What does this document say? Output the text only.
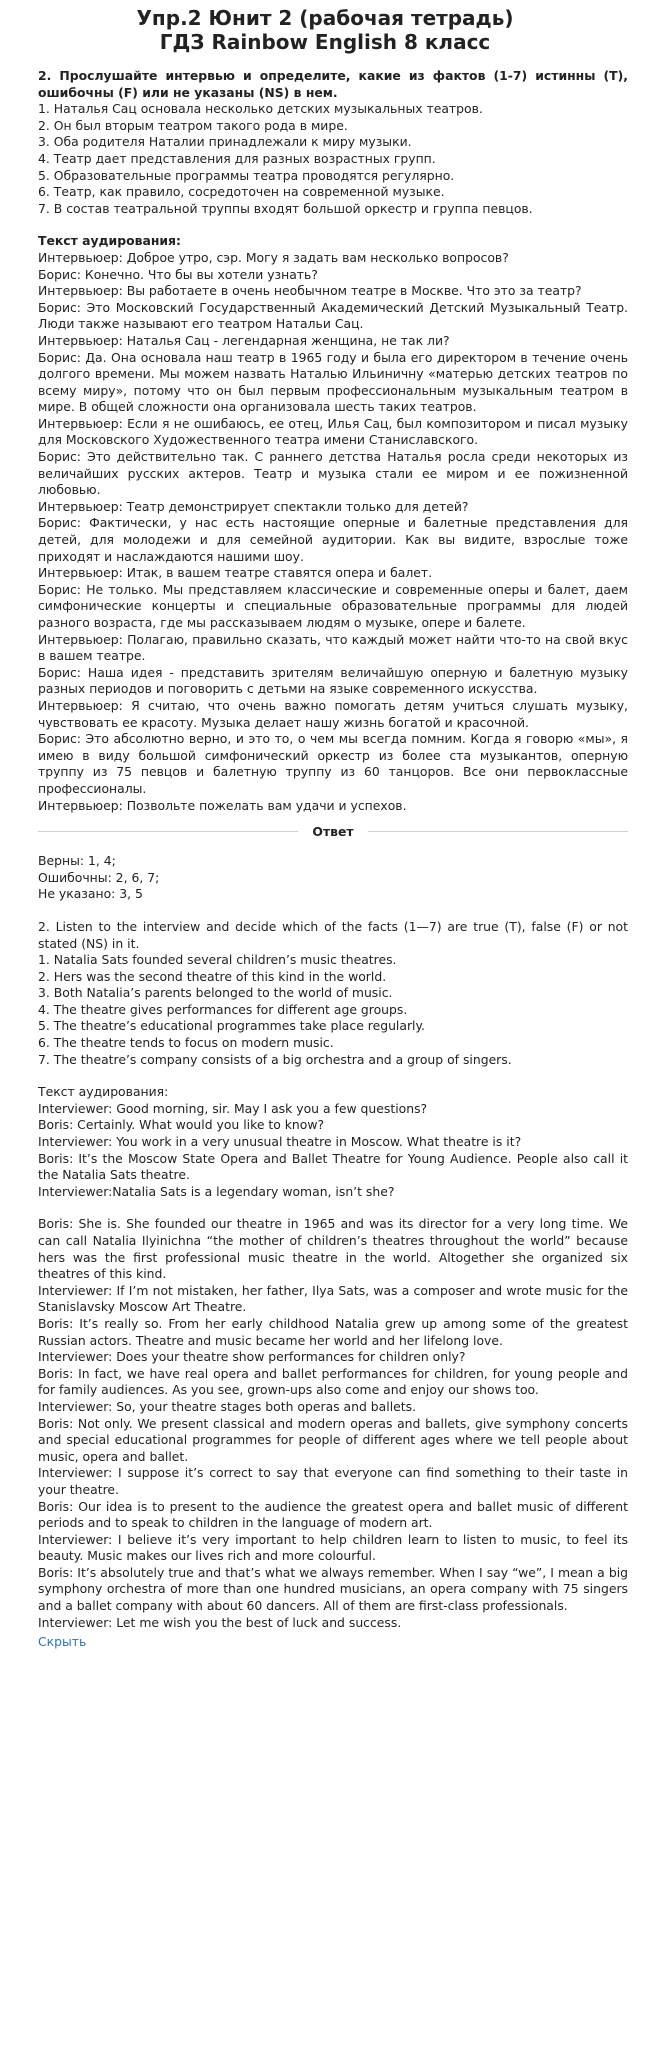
Упр.2 Юнит 2 (рабочая тетрадь)
ГДЗ Rainbow English 8 класс

2. Прослушайте интервью и определите, какие из фактов (1-7) истинны (T), ошибочны (F) или не указаны (NS) в нем.

1. Наталья Сац основала несколько детских музыкальных театров.

2. Он был вторым театром такого рода в мире.

3. Оба родителя Наталии принадлежали к миру музыки.

4. Театр дает представления для разных возрастных групп.

5. Образовательные программы театра проводятся регулярно.

6. Театр, как правило, сосредоточен на современной музыке.

7. В состав театральной труппы входят большой оркестр и группа певцов.

Текст аудирования:

Интервьюер: Доброе утро, сэр. Могу я задать вам несколько вопросов?

Борис: Конечно. Что бы вы хотели узнать?

Интервьюер: Вы работаете в очень необычном театре в Москве. Что это за театр?

Борис: Это Московский Государственный Академический Детский Музыкальный Театр. Люди также называют его театром Натальи Сац.

Интервьюер: Наталья Сац - легендарная женщина, не так ли?

Борис: Да. Она основала наш театр в 1965 году и была его директором в течение очень долгого времени. Мы можем назвать Наталью Ильиничну «матерью детских театров по всему миру», потому что он был первым профессиональным музыкальным театром в мире. В общей сложности она организовала шесть таких театров.

Интервьюер: Если я не ошибаюсь, ее отец, Илья Сац, был композитором и писал музыку для Московского Художественного театра имени Станиславского.

Борис: Это действительно так. С раннего детства Наталья росла среди некоторых из величайших русских актеров. Театр и музыка стали ее миром и ее пожизненной любовью.

Интервьюер: Театр демонстрирует спектакли только для детей?

Борис: Фактически, у нас есть настоящие оперные и балетные представления для детей, для молодежи и для семейной аудитории. Как вы видите, взрослые тоже приходят и наслаждаются нашими шоу.

Интервьюер: Итак, в вашем театре ставятся опера и балет.

Борис: Не только. Мы представляем классические и современные оперы и балет, даем симфонические концерты и специальные образовательные программы для людей разного возраста, где мы рассказываем людям о музыке, опере и балете.

Интервьюер: Полагаю, правильно сказать, что каждый может найти что-то на свой вкус в вашем театре.

Борис: Наша идея - представить зрителям величайшую оперную и балетную музыку разных периодов и поговорить с детьми на языке современного искусства.

Интервьюер: Я считаю, что очень важно помогать детям учиться слушать музыку, чувствовать ее красоту. Музыка делает нашу жизнь богатой и красочной.

Борис: Это абсолютно верно, и это то, о чем мы всегда помним. Когда я говорю «мы», я имею в виду большой симфонический оркестр из более ста музыкантов, оперную труппу из 75 певцов и балетную труппу из 60 танцоров. Все они первоклассные профессионалы.

Интервьюер: Позвольте пожелать вам удачи и успехов.

Ответ

Верны: 1, 4;

Ошибочны: 2, 6, 7;

Не указано: 3, 5

2. Listen to the interview and decide which of the facts (1—7) are true (T), false (F) or not stated (NS) in it.

1. Natalia Sats founded several children’s music theatres.

2. Hers was the second theatre of this kind in the world.

3. Both Natalia’s parents belonged to the world of music.

4. The theatre gives performances for different age groups.

5. The theatre’s educational programmes take place regularly.

6. The theatre tends to focus on modern music.

7. The theatre’s company consists of a big orchestra and a group of singers.

Текст аудирования:

Interviewer: Good morning, sir. May I ask you a few questions?

Boris: Certainly. What would you like to know?

Interviewer: You work in a very unusual theatre in Moscow. What theatre is it?

Boris: It’s the Moscow State Opera and Ballet Theatre for Young Audience. People also call it the Natalia Sats theatre.

Interviewer:Natalia Sats is a legendary woman, isn’t she?

Boris: She is. She founded our theatre in 1965 and was its director for a very long time. We can call Natalia Ilyinichna “the mother of children’s theatres throughout the world” because hers was the first professional music theatre in the world. Altogether she organized six theatres of this kind.

Interviewer: If I’m not mistaken, her father, Ilya Sats, was a composer and wrote music for the Stanislavsky Moscow Art Theatre.

Boris: It’s really so. From her early childhood Natalia grew up among some of the greatest Russian actors. Theatre and music became her world and her lifelong love.

Interviewer: Does your theatre show performances for children only?

Boris: In fact, we have real opera and ballet performances for children, for young people and for family audiences. As you see, grown-ups also come and enjoy our shows too.

Interviewer: So, your theatre stages both operas and ballets.

Boris: Not only. We present classical and modern operas and ballets, give symphony concerts and special educational programmes for people of different ages where we tell people about music, opera and ballet.

Interviewer: I suppose it’s correct to say that everyone can find something to their taste in your theatre.

Boris: Our idea is to present to the audience the greatest opera and ballet music of different periods and to speak to children in the language of modern art.

Interviewer: I believe it’s very important to help children learn to listen to music, to feel its beauty. Music makes our lives rich and more colourful.

Boris: It’s absolutely true and that’s what we always remember. When I say “we”, I mean a big symphony orchestra of more than one hundred musicians, an opera company with 75 singers and a ballet company with about 60 dancers. All of them are first-class professionals.

Interviewer: Let me wish you the best of luck and success.

Скрыть
